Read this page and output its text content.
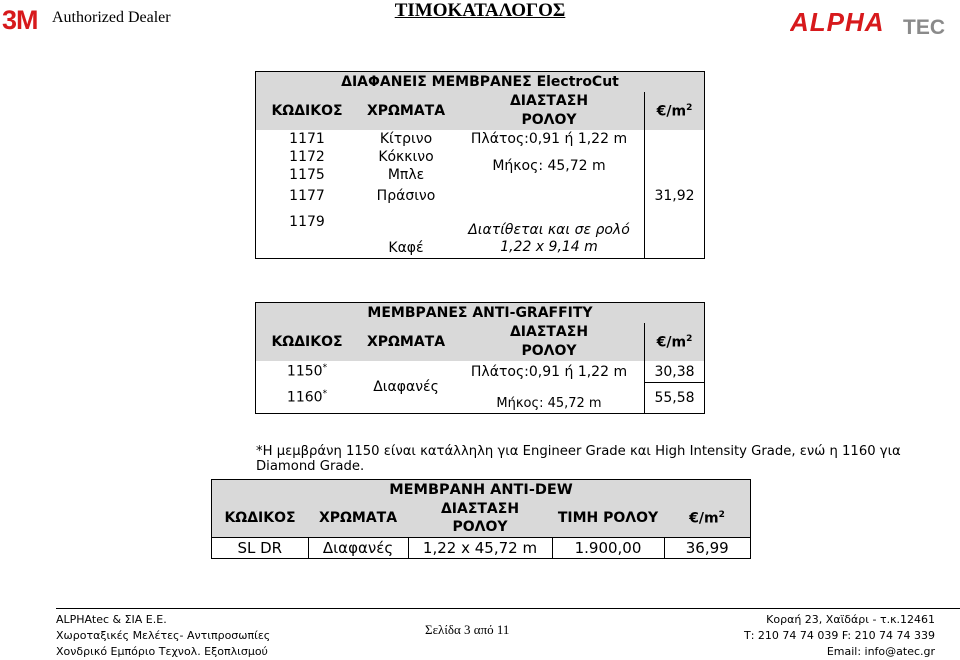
3M Authorized Dealer	ΤΙΜΟΚΑΤΑΛΟΓΟΣ	ALPHA TEC
ΔΙΑΦΑΝΕΙΣ ΜΕΜΒΡΑΝΕΣ ElectroCut			
ΚΩΔΙΚΟΣ	ΧΡΩΜΑΤΑ	ΔΙΑΣΤΑΣΗ	$€/m^2$
		ΡΟΛΟΥ	
1171	Κίτρινο	Πλάτος:0,91 ή 1,22 m	
1172	Κόκκινο	Μήκος: 45,72 m	
1175	Μπλε		
1177	Πράσινο		31,92
1179	Καφέ	Διατίθεται και σε ρολό
1,22 x 9,14 m	
ΜΕΜΒΡΑΝΕΣ ANTI-GRAFFITY			
ΚΩΔΙΚΟΣ	ΧΡΩΜΑΤΑ	ΔΙΑΣΤΑΣΗ	$€/m^2$
		ΡΟΛΟΥ	
1150*	Διαφανές	Πλάτος:0,91 ή 1,22 m	30,38
1160*		Μήκος: 45,72 m	55,58
*Η μεμβράνη 1150 είναι κατάλληλη για Engineer Grade και High Intensity Grade, ενώ η 1160 για Diamond Grade.
ΜΕΜΒΡΑΝΗ ANTI-DEW				
ΚΩΔΙΚΟΣ	ΧΡΩΜΑΤΑ	ΔΙΑΣΤΑΣΗ
ΡΟΛΟΥ	ΤΙΜΗ ΡΟΛΟΥ	$€/m^2$
SL DR	Διαφανές	1,22 x 45,72 m	1.900,00	36,99
ALPHAtec & ΣΙΑ Ε.Ε.
Χωροταξικές Μελέτες- Αντιπροσωπίες
Χονδρικό Εμπόριο Τεχνολ. Εξοπλισμού
Σελίδα 3 από 11
Κοραή 23, Χαϊδάρι - τ.κ.12461
Τ: 210 74 74 039 F: 210 74 74 339
Email: info@atec.gr
